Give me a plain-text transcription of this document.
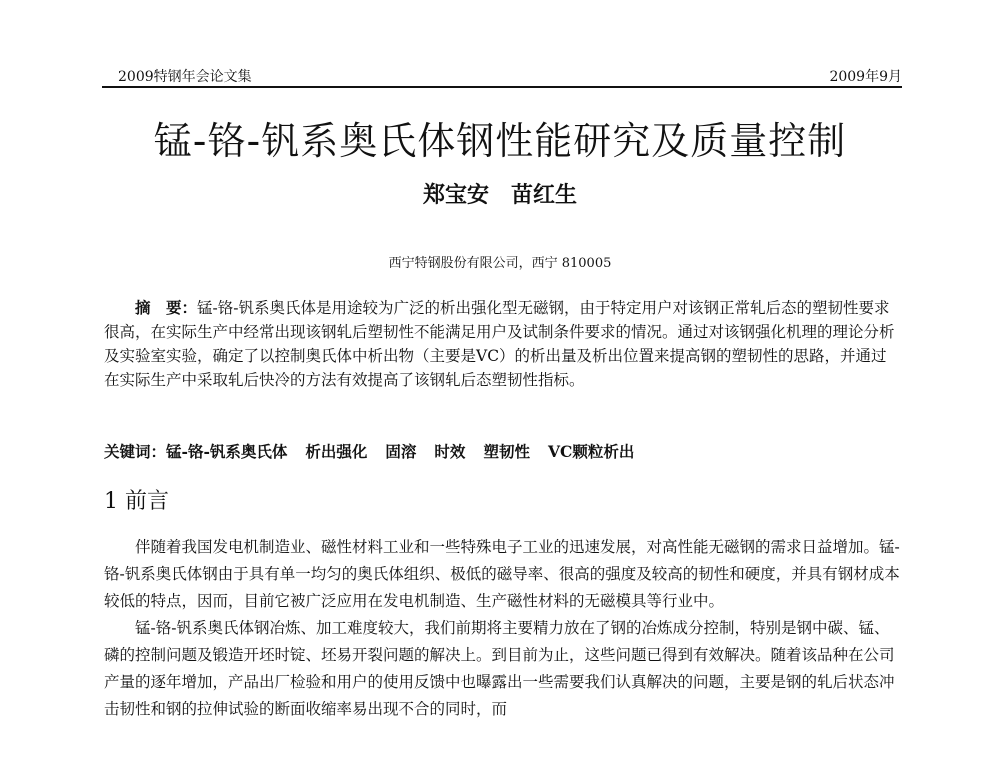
2009特钢年会论文集	2009年9月
锰-铬-钒系奥氏体钢性能研究及质量控制
郑宝安　苗红生
西宁特钢股份有限公司，西宁 810005

摘　要：锰-铬-钒系奥氏体是用途较为广泛的析出强化型无磁钢，由于特定用户对该钢正常轧后态的塑韧性要求很高，在实际生产中经常出现该钢轧后塑韧性不能满足用户及试制条件要求的情况。通过对该钢强化机理的理论分析及实验室实验，确定了以控制奥氏体中析出物（主要是VC）的析出量及析出位置来提高钢的塑韧性的思路，并通过在实际生产中采取轧后快冷的方法有效提高了该钢轧后态塑韧性指标。

关键词：锰-铬-钒系奥氏体 析出强化 固溶 时效 塑韧性 VC颗粒析出
1 前言

伴随着我国发电机制造业、磁性材料工业和一些特殊电子工业的迅速发展，对高性能无磁钢的需求日益增加。锰-铬-钒系奥氏体钢由于具有单一均匀的奥氏体组织、极低的磁导率、很高的强度及较高的韧性和硬度，并具有钢材成本较低的特点，因而，目前它被广泛应用在发电机制造、生产磁性材料的无磁模具等行业中。

锰-铬-钒系奥氏体钢冶炼、加工难度较大，我们前期将主要精力放在了钢的冶炼成分控制，特别是钢中碳、锰、磷的控制问题及锻造开坯时锭、坯易开裂问题的解决上。到目前为止，这些问题已得到有效解决。随着该品种在公司产量的逐年增加，产品出厂检验和用户的使用反馈中也曝露出一些需要我们认真解决的问题，主要是钢的轧后状态冲击韧性和钢的拉伸试验的断面收缩率易出现不合的同时，而
